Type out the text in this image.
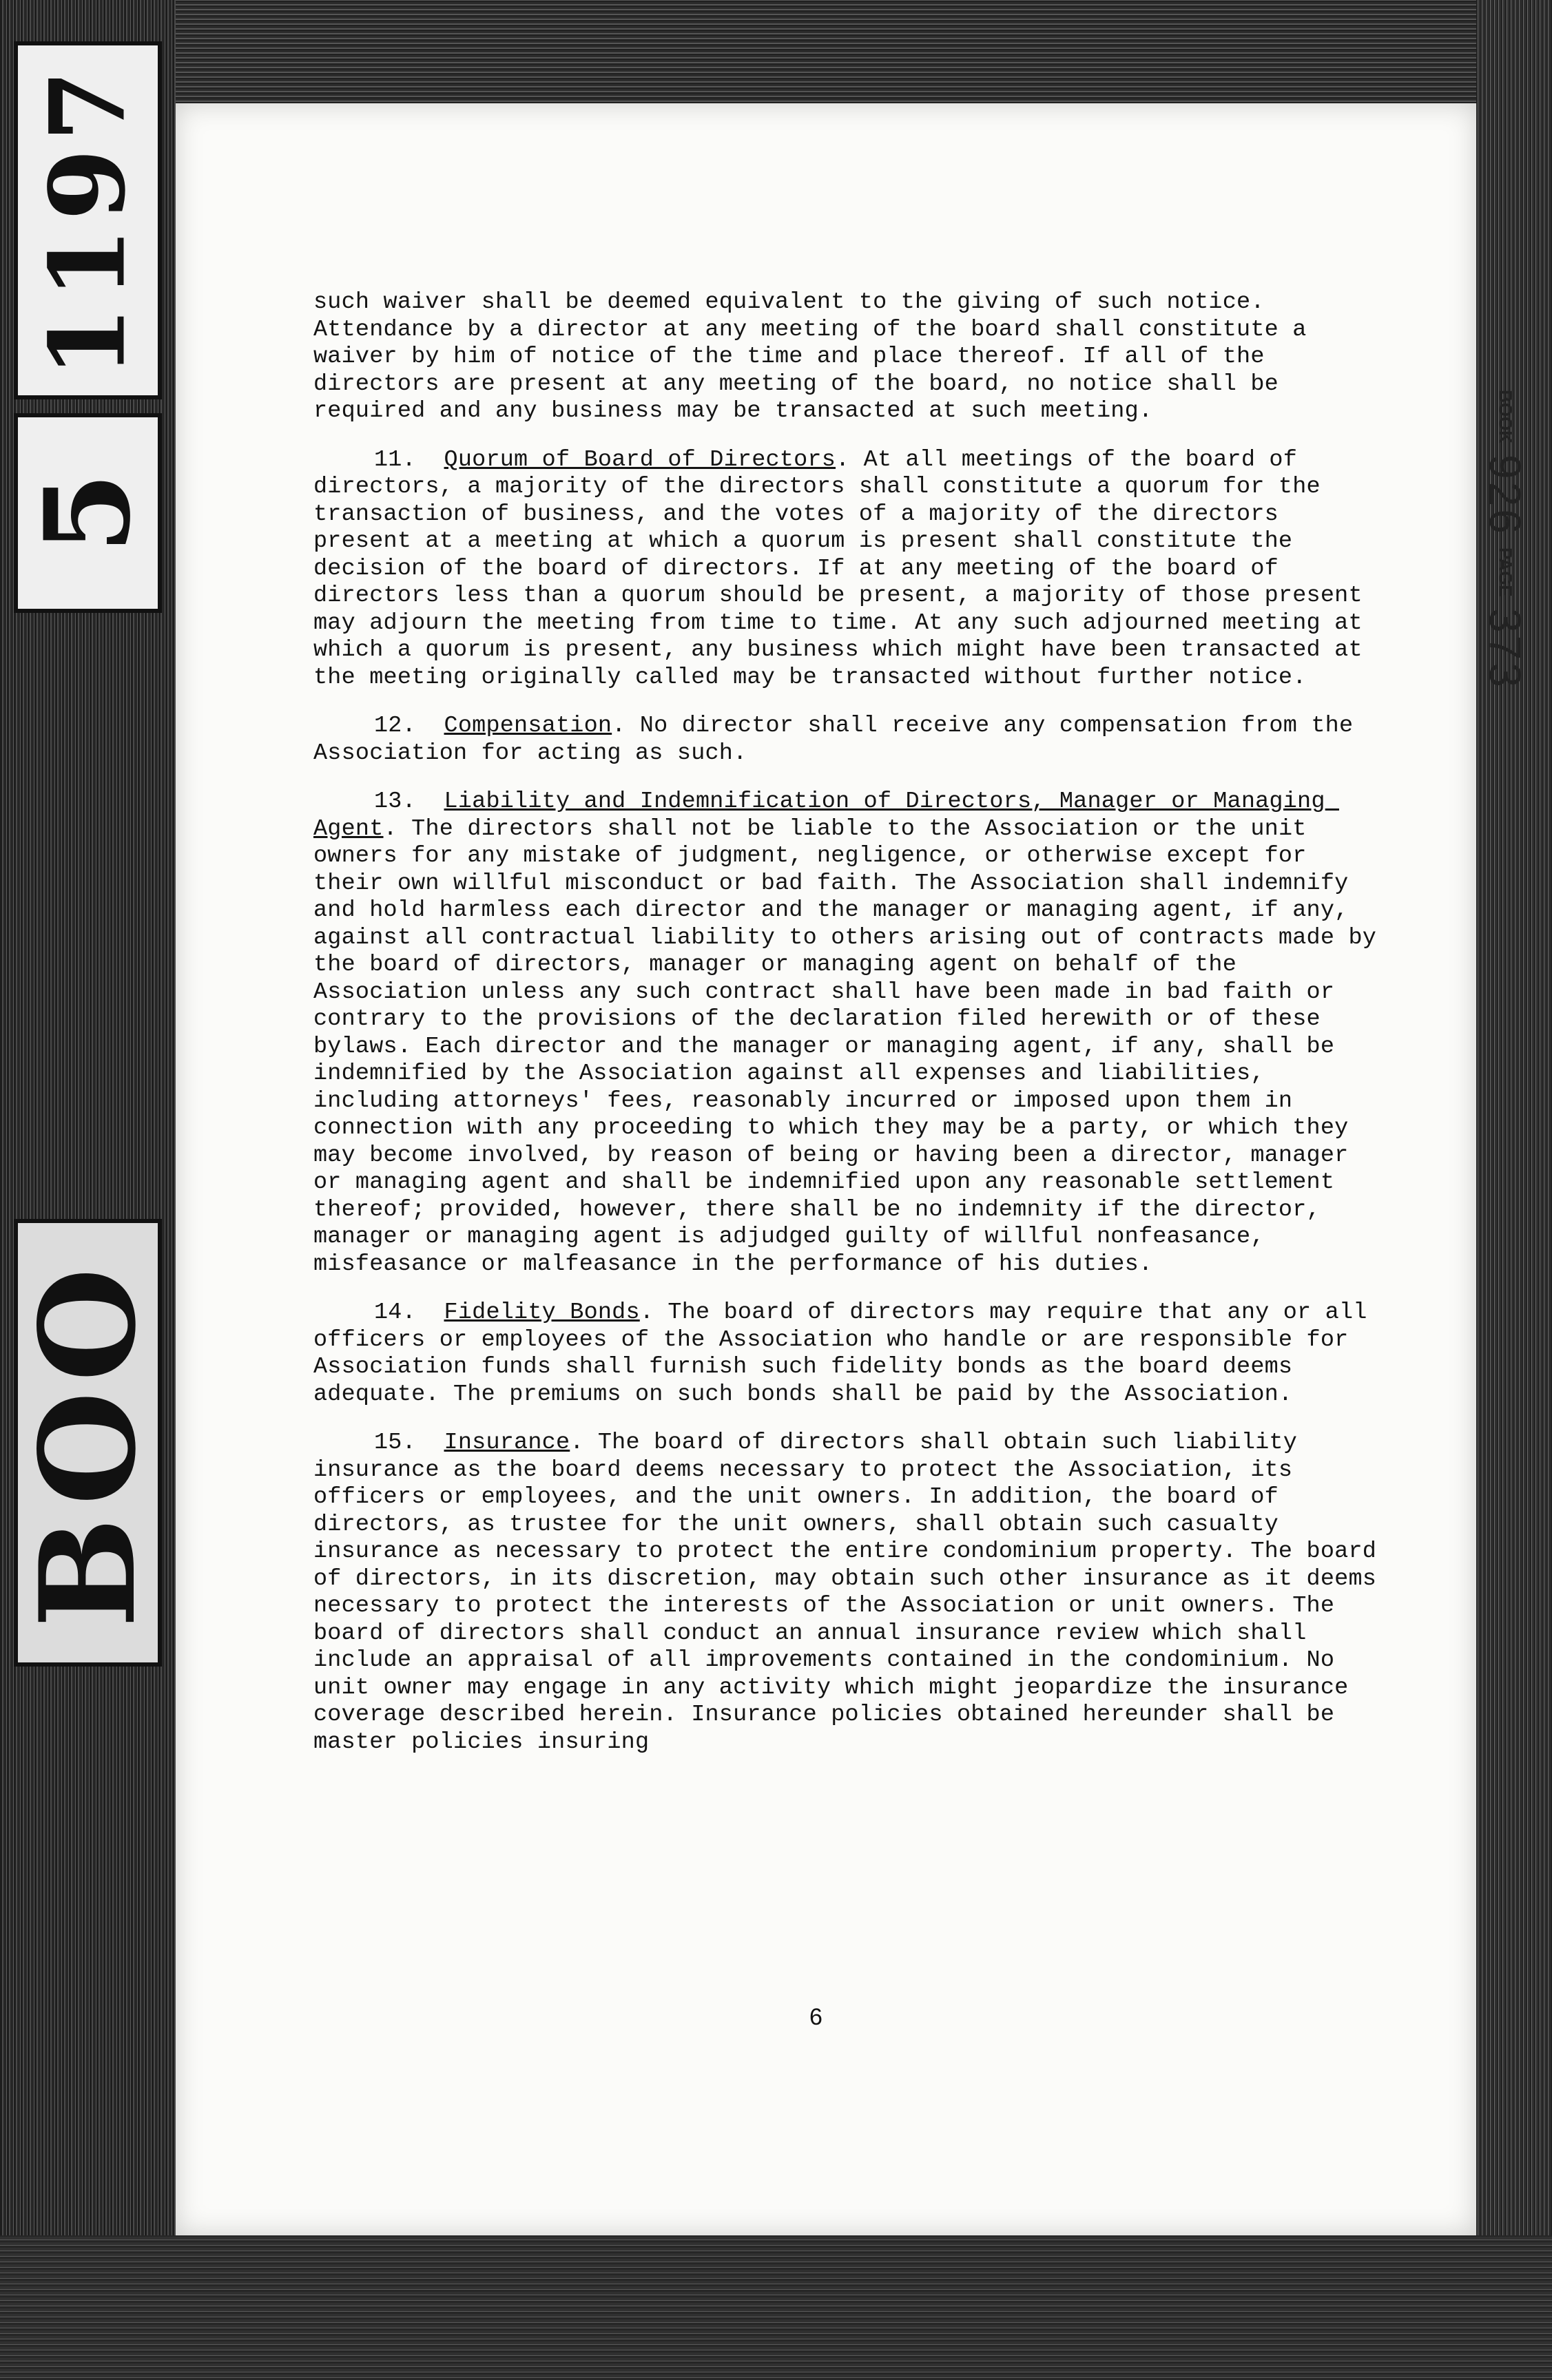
1197
5
BOO
BOOK
926
PAGE
373

such waiver shall be deemed equivalent to the giving of such notice. Attendance by a director at any meeting of the board shall constitute a waiver by him of notice of the time and place thereof. If all of the directors are present at any meeting of the board, no notice shall be required and any business may be transacted at such meeting.

11. Quorum of Board of Directors. At all meetings of the board of directors, a majority of the directors shall constitute a quorum for the transaction of business, and the votes of a majority of the directors present at a meeting at which a quorum is present shall constitute the decision of the board of directors. If at any meeting of the board of directors less than a quorum should be present, a majority of those present may adjourn the meeting from time to time. At any such adjourned meeting at which a quorum is present, any business which might have been transacted at the meeting originally called may be transacted without further notice.

12. Compensation. No director shall receive any compensation from the Association for acting as such.

13. Liability and Indemnification of Directors, Manager or Managing Agent. The directors shall not be liable to the Association or the unit owners for any mistake of judgment, negligence, or otherwise except for their own willful misconduct or bad faith. The Association shall indemnify and hold harmless each director and the manager or managing agent, if any, against all contractual liability to others arising out of contracts made by the board of directors, manager or managing agent on behalf of the Association unless any such contract shall have been made in bad faith or contrary to the provisions of the declaration filed herewith or of these bylaws. Each director and the manager or managing agent, if any, shall be indemnified by the Association against all expenses and liabilities, including attorneys' fees, reasonably incurred or imposed upon them in connection with any proceeding to which they may be a party, or which they may become involved, by reason of being or having been a director, manager or managing agent and shall be indemnified upon any reasonable settlement thereof; provided, however, there shall be no indemnity if the director, manager or managing agent is adjudged guilty of willful nonfeasance, misfeasance or malfeasance in the performance of his duties.

14. Fidelity Bonds. The board of directors may require that any or all officers or employees of the Association who handle or are responsible for Association funds shall furnish such fidelity bonds as the board deems adequate. The premiums on such bonds shall be paid by the Association.

15. Insurance. The board of directors shall obtain such liability insurance as the board deems necessary to protect the Association, its officers or employees, and the unit owners. In addition, the board of directors, as trustee for the unit owners, shall obtain such casualty insurance as necessary to protect the entire condominium property. The board of directors, in its discretion, may obtain such other insurance as it deems necessary to protect the interests of the Association or unit owners. The board of directors shall conduct an annual insurance review which shall include an appraisal of all improvements contained in the condominium. No unit owner may engage in any activity which might jeopardize the insurance coverage described herein. Insurance policies obtained hereunder shall be master policies insuring

6
